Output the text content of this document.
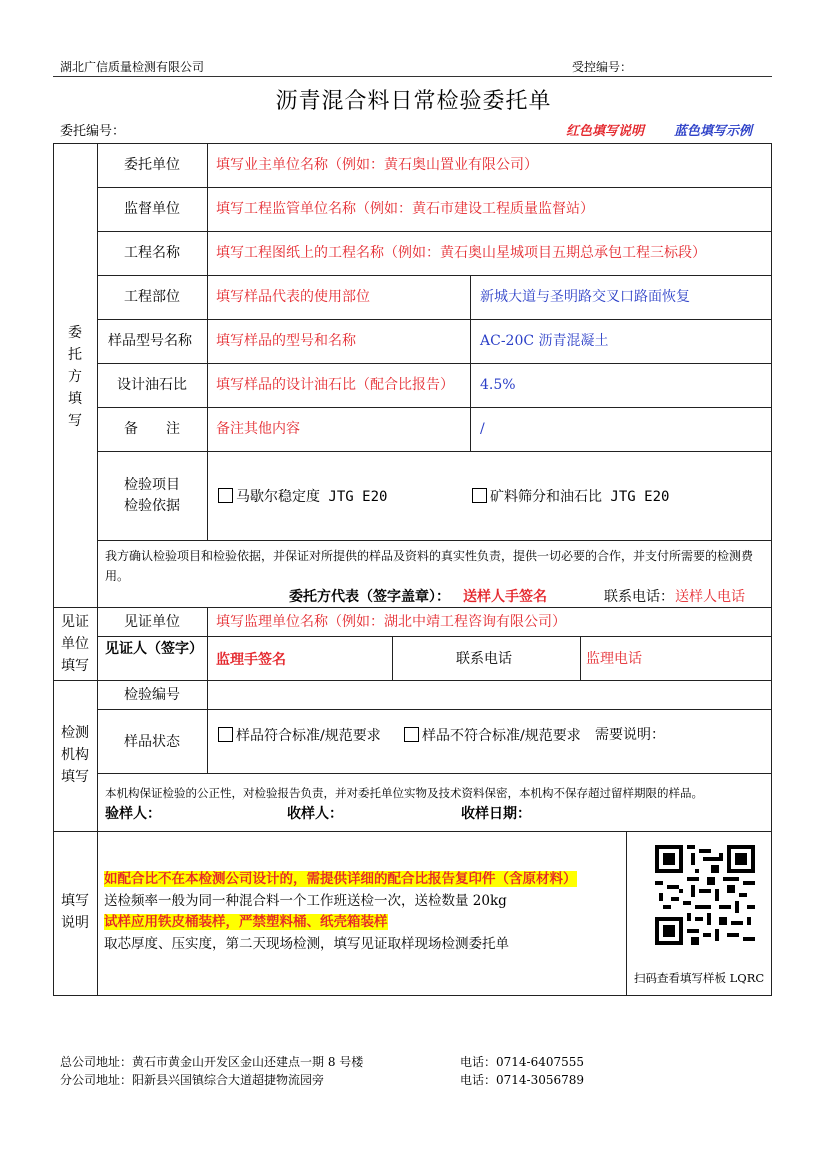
湖北广信质量检测有限公司	受控编号：
沥青混合料日常检验委托单
委托编号：	红色填写说明 蓝色填写示例
委
托
方
填
写
委托单位	填写业主单位名称（例如：黄石奥山置业有限公司）
监督单位	填写工程监管单位名称（例如：黄石市建设工程质量监督站）
工程名称	填写工程图纸上的工程名称（例如：黄石奥山星城项目五期总承包工程三标段）
工程部位	填写样品代表的使用部位	新城大道与圣明路交叉口路面恢复
样品型号名称 填写样品的型号和名称	AC-20C 沥青混凝土
设计油石比 填写样品的设计油石比（配合比报告） 4.5%
备　　注	备注其他内容	/
检验项目
检验依据
马歇尔稳定度 JTG E20	矿料筛分和油石比 JTG E20
我方确认检验项目和检验依据，并保证对所提供的样品及资料的真实性负责，提供一切必要的合作，并支付所需要的检测费用。
委托方代表（签字盖章）： 送样人手签名	联系电话： 送样人电话
见证
单位
填写
见证单位	填写监理单位名称（例如：湖北中靖工程咨询有限公司）
见证人（签字）
监理手签名	联系电话	监理电话
检测
机构
填写
检验编号
样品状态	样品符合标准/规范要求	样品不符合标准/规范要求 需要说明：
本机构保证检验的公正性，对检验报告负责，并对委托单位实物及技术资料保密，本机构不保存超过留样期限的样品。
验样人：	收样人：	收样日期：
填写
说明
如配合比不在本检测公司设计的，需提供详细的配合比报告复印件（含原材料）
送检频率一般为同一种混合料一个工作班送检一次，送检数量 20kg
试样应用铁皮桶装样，严禁塑料桶、纸壳箱装样
取芯厚度、压实度，第二天现场检测，填写见证取样现场检测委托单
扫码查看填写样板 LQRC
总公司地址：黄石市黄金山开发区金山还建点一期 8 号楼	电话：0714-6407555
分公司地址：阳新县兴国镇综合大道超捷物流园旁	电话：0714-3056789
